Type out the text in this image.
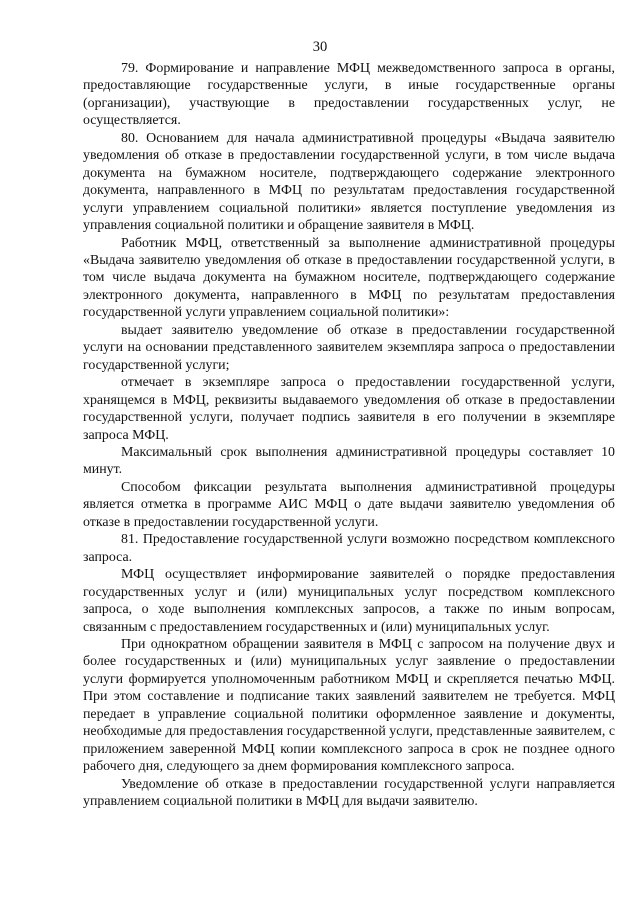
30

79. Формирование и направление МФЦ межведомственного запроса в органы, предоставляющие государственные услуги, в иные государственные органы (организации), участвующие в предоставлении государственных услуг, не осуществляется.

80. Основанием для начала административной процедуры «Выдача заявителю уведомления об отказе в предоставлении государственной услуги, в том числе выдача документа на бумажном носителе, подтверждающего содержание электронного документа, направленного в МФЦ по результатам предоставления государственной услуги управлением социальной политики» является поступление уведомления из управления социальной политики и обращение заявителя в МФЦ.

Работник МФЦ, ответственный за выполнение административной процедуры «Выдача заявителю уведомления об отказе в предоставлении государственной услуги, в том числе выдача документа на бумажном носителе, подтверждающего содержание электронного документа, направленного в МФЦ по результатам предоставления государственной услуги управлением социальной политики»:

выдает заявителю уведомление об отказе в предоставлении государственной услуги на основании представленного заявителем экземпляра запроса о предоставлении государственной услуги;

отмечает в экземпляре запроса о предоставлении государственной услуги, хранящемся в МФЦ, реквизиты выдаваемого уведомления об отказе в предоставлении государственной услуги, получает подпись заявителя в его получении в экземпляре запроса МФЦ.

Максимальный срок выполнения административной процедуры составляет 10 минут.

Способом фиксации результата выполнения административной процедуры является отметка в программе АИС МФЦ о дате выдачи заявителю уведомления об отказе в предоставлении государственной услуги.

81. Предоставление государственной услуги возможно посредством комплексного запроса.

МФЦ осуществляет информирование заявителей о порядке предоставления государственных услуг и (или) муниципальных услуг посредством комплексного запроса, о ходе выполнения комплексных запросов, а также по иным вопросам, связанным с предоставлением государственных и (или) муниципальных услуг.

При однократном обращении заявителя в МФЦ с запросом на получение двух и более государственных и (или) муниципальных услуг заявление о предоставлении услуги формируется уполномоченным работником МФЦ и скрепляется печатью МФЦ. При этом составление и подписание таких заявлений заявителем не требуется. МФЦ передает в управление социальной политики оформленное заявление и документы, необходимые для предоставления государственной услуги, представленные заявителем, с приложением заверенной МФЦ копии комплексного запроса в срок не позднее одного рабочего дня, следующего за днем формирования комплексного запроса.

Уведомление об отказе в предоставлении государственной услуги направляется управлением социальной политики в МФЦ для выдачи заявителю.
